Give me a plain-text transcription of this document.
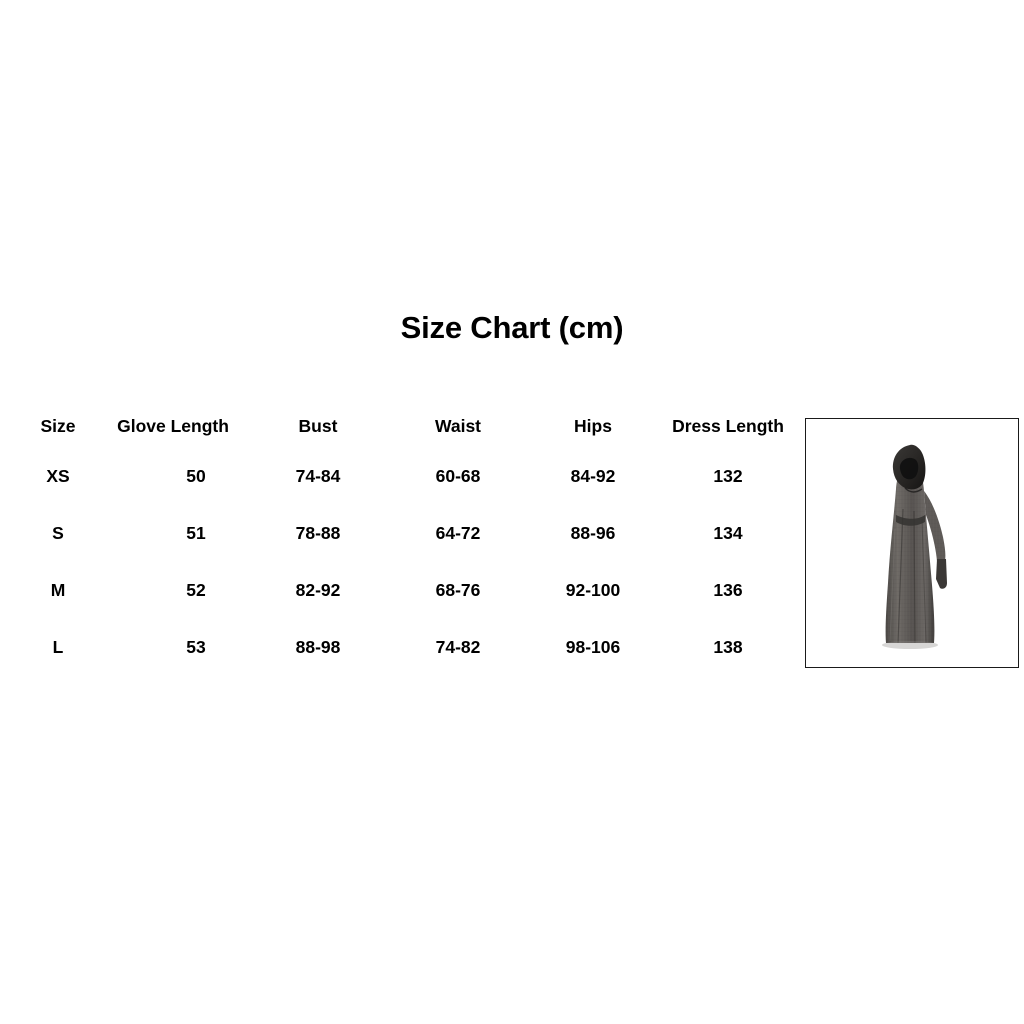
Size Chart (cm)
Size	Glove Length	Bust	Waist	Hips	Dress Length
XS	50	74-84	60-68	84-92	132
S	51	78-88	64-72	88-96	134
M	52	82-92	68-76	92-100	136
L	53	88-98	74-82	98-106	138
